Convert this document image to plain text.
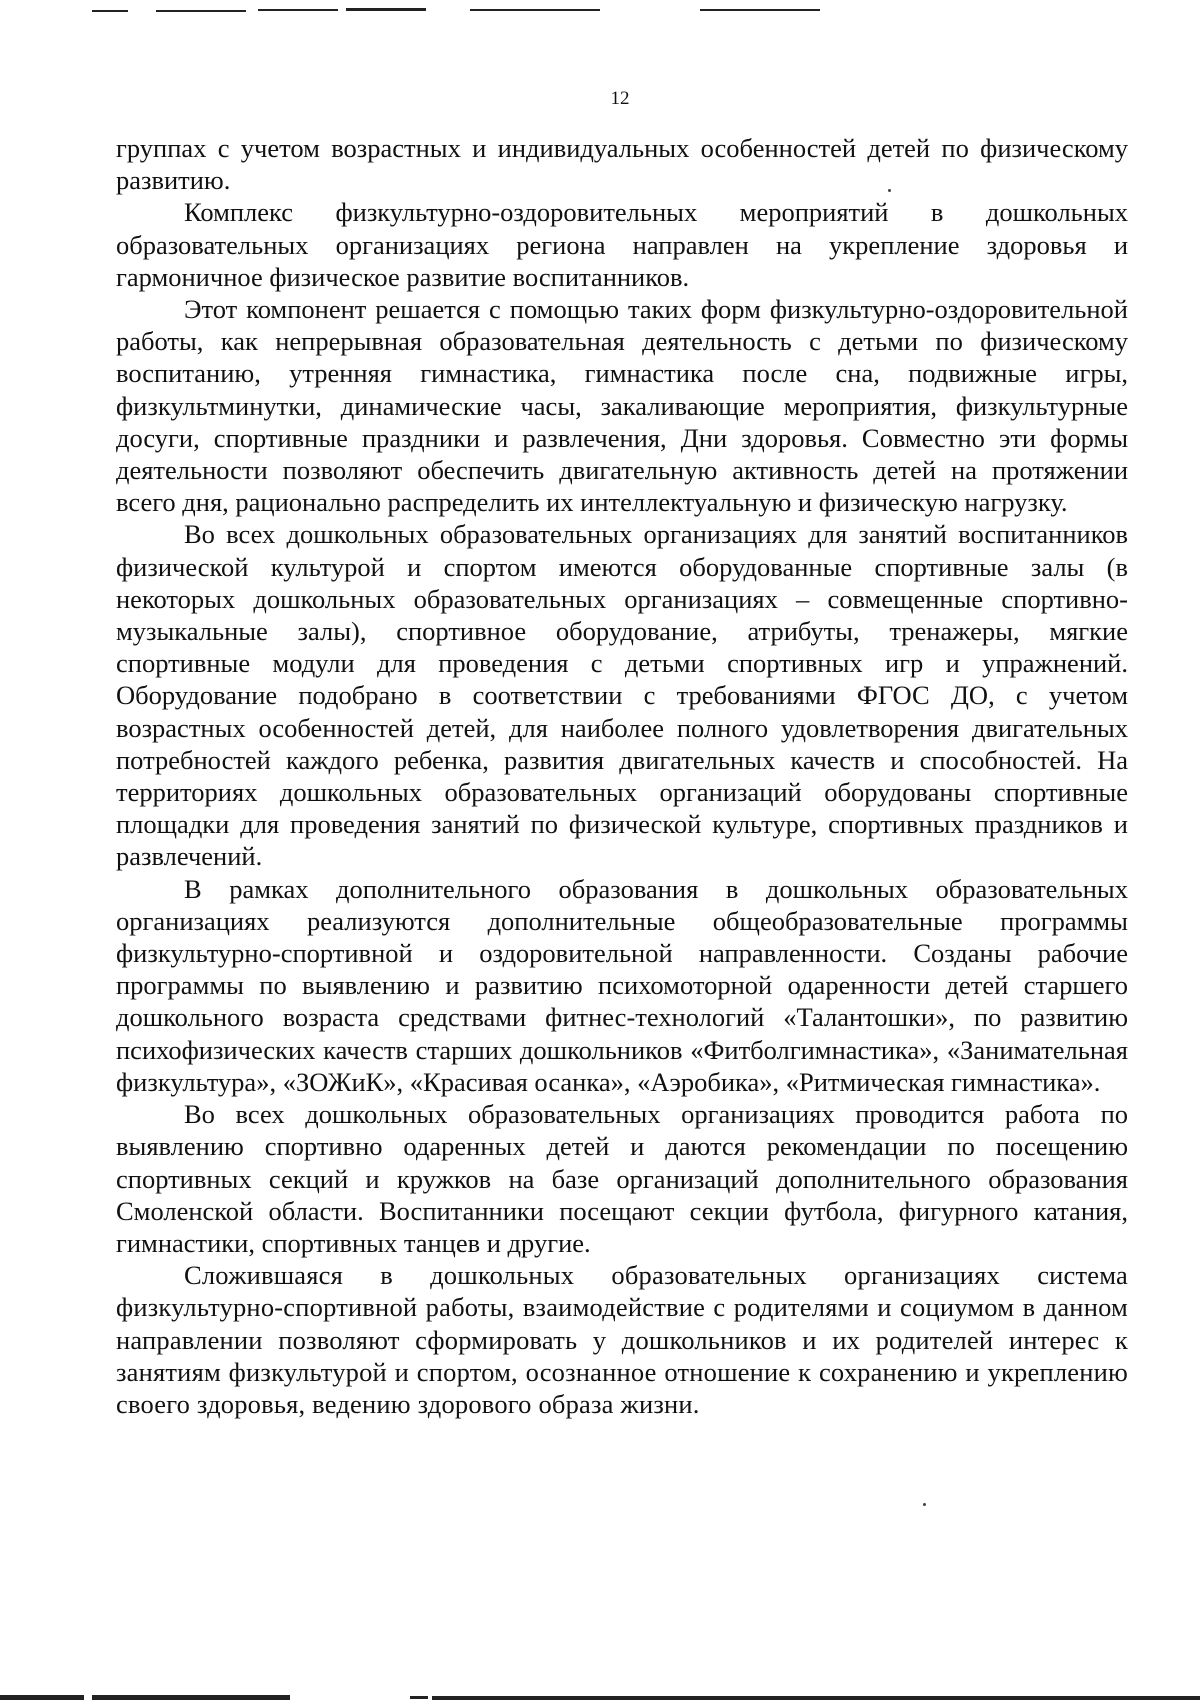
12

группах с учетом возрастных и индивидуальных особенностей детей по физическому развитию.

Комплекс физкультурно-оздоровительных мероприятий в дошкольных образовательных организациях региона направлен на укрепление здоровья и гармоничное физическое развитие воспитанников.

Этот компонент решается с помощью таких форм физкультурно-оздоровительной работы, как непрерывная образовательная деятельность с детьми по физическому воспитанию, утренняя гимнастика, гимнастика после сна, подвижные игры, физкультминутки, динамические часы, закаливающие мероприятия, физкультурные досуги, спортивные праздники и развлечения, Дни здоровья. Совместно эти формы деятельности позволяют обеспечить двигательную активность детей на протяжении всего дня, рационально распределить их интеллектуальную и физическую нагрузку.

Во всех дошкольных образовательных организациях для занятий воспитанников физической культурой и спортом имеются оборудованные спортивные залы (в некоторых дошкольных образовательных организациях – совмещенные спортивно-музыкальные залы), спортивное оборудование, атрибуты, тренажеры, мягкие спортивные модули для проведения с детьми спортивных игр и упражнений. Оборудование подобрано в соответствии с требованиями ФГОС ДО, с учетом возрастных особенностей детей, для наиболее полного удовлетворения двигательных потребностей каждого ребенка, развития двигательных качеств и способностей. На территориях дошкольных образовательных организаций оборудованы спортивные площадки для проведения занятий по физической культуре, спортивных праздников и развлечений.

В рамках дополнительного образования в дошкольных образовательных организациях реализуются дополнительные общеобразовательные программы физкультурно-спортивной и оздоровительной направленности. Созданы рабочие программы по выявлению и развитию психомоторной одаренности детей старшего дошкольного возраста средствами фитнес-технологий «Талантошки», по развитию психофизических качеств старших дошкольников «Фитболгимнастика», «Занимательная физкультура», «ЗОЖиК», «Красивая осанка», «Аэробика», «Ритмическая гимнастика».

Во всех дошкольных образовательных организациях проводится работа по выявлению спортивно одаренных детей и даются рекомендации по посещению спортивных секций и кружков на базе организаций дополнительного образования Смоленской области. Воспитанники посещают секции футбола, фигурного катания, гимнастики, спортивных танцев и другие.

Сложившаяся в дошкольных образовательных организациях система физкультурно-спортивной работы, взаимодействие с родителями и социумом в данном направлении позволяют сформировать у дошкольников и их родителей интерес к занятиям физкультурой и спортом, осознанное отношение к сохранению и укреплению своего здоровья, ведению здорового образа жизни.
